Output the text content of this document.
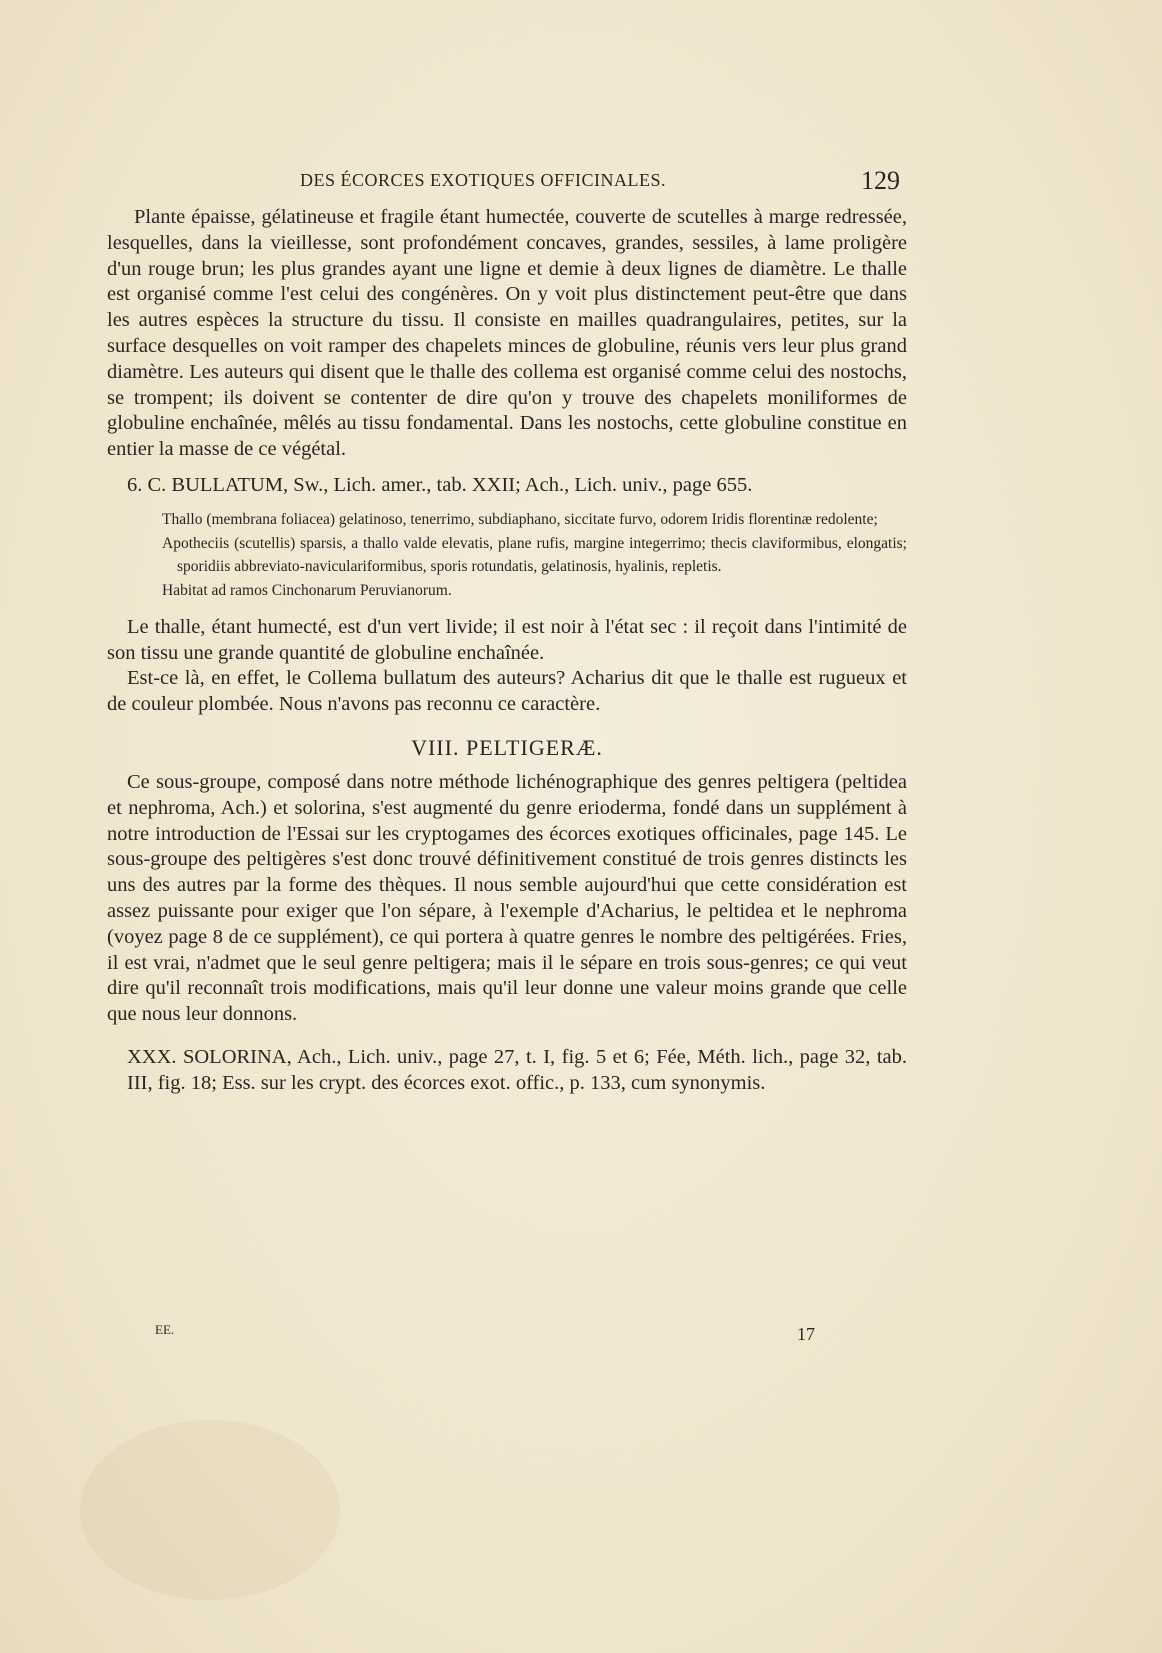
DES ÉCORCES EXOTIQUES OFFICINALES.	129

Plante épaisse, gélatineuse et fragile étant humectée, couverte de scutelles à marge redressée, lesquelles, dans la vieillesse, sont profondément concaves, grandes, sessiles, à lame proligère d'un rouge brun; les plus grandes ayant une ligne et demie à deux lignes de diamètre. Le thalle est organisé comme l'est celui des congénères. On y voit plus distinctement peut-être que dans les autres espèces la structure du tissu. Il consiste en mailles quadrangulaires, petites, sur la surface desquelles on voit ramper des chapelets minces de globuline, réunis vers leur plus grand diamètre. Les auteurs qui disent que le thalle des collema est organisé comme celui des nostochs, se trompent; ils doivent se contenter de dire qu'on y trouve des chapelets moniliformes de globuline enchaînée, mêlés au tissu fondamental. Dans les nostochs, cette globuline constitue en entier la masse de ce végétal.

6. C. BULLATUM, Sw., Lich. amer., tab. XXII; Ach., Lich. univ., page 655.

Thallo (membrana foliacea) gelatinoso, tenerrimo, subdiaphano, siccitate furvo, odorem Iridis florentinæ redolente;

Apotheciis (scutellis) sparsis, a thallo valde elevatis, plane rufis, margine integerrimo; thecis claviformibus, elongatis; sporidiis abbreviato-naviculariformibus, sporis rotundatis, gelatinosis, hyalinis, repletis.

Habitat ad ramos Cinchonarum Peruvianorum.

Le thalle, étant humecté, est d'un vert livide; il est noir à l'état sec : il reçoit dans l'intimité de son tissu une grande quantité de globuline enchaînée.

Est-ce là, en effet, le Collema bullatum des auteurs? Acharius dit que le thalle est rugueux et de couleur plombée. Nous n'avons pas reconnu ce caractère.

VIII. PELTIGERÆ.

Ce sous-groupe, composé dans notre méthode lichénographique des genres peltigera (peltidea et nephroma, Ach.) et solorina, s'est augmenté du genre erioderma, fondé dans un supplément à notre introduction de l'Essai sur les cryptogames des écorces exotiques officinales, page 145. Le sous-groupe des peltigères s'est donc trouvé définitivement constitué de trois genres distincts les uns des autres par la forme des thèques. Il nous semble aujourd'hui que cette considération est assez puissante pour exiger que l'on sépare, à l'exemple d'Acharius, le peltidea et le nephroma (voyez page 8 de ce supplément), ce qui portera à quatre genres le nombre des peltigérées. Fries, il est vrai, n'admet que le seul genre peltigera; mais il le sépare en trois sous-genres; ce qui veut dire qu'il reconnaît trois modifications, mais qu'il leur donne une valeur moins grande que celle que nous leur donnons.

XXX. SOLORINA, Ach., Lich. univ., page 27, t. I, fig. 5 et 6; Fée, Méth. lich., page 32, tab. III, fig. 18; Ess. sur les crypt. des écorces exot. offic., p. 133, cum synonymis.

EE.	17
